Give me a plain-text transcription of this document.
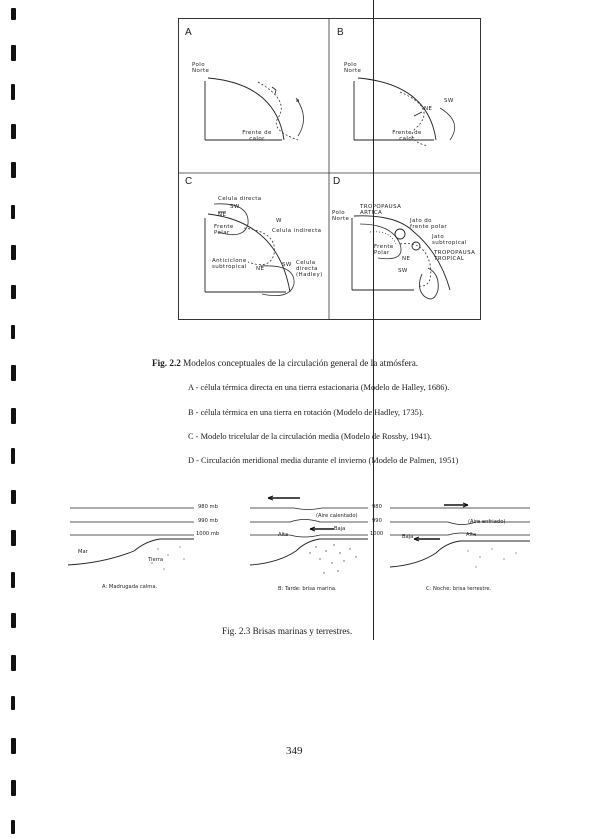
A	B
C	D
Polo Norte
Frente de calor
a
Polo Norte
NE
SW
Frente de calor
Celula directa
SW
NE
Frente Polar
W
Celula indirecta
Anticiclone subtropical	NE
SW Celula directa (Hadley)
Polo Norte
TROPOPAUSA ARTICA
Jato do frente polar
Jato subtropical
Frente Polar	TROPOPAUSA TROPICAL
NE
SW
Fig. 2.2 Modelos conceptuales de la circulación general de la atmósfera.
A - célula térmica directa en una tierra estacionaria (Modelo de Halley, 1686).
B - célula térmica en una tierra en rotación (Modelo de Hadley, 1735).
C - Modelo tricelular de la circulación media (Modelo de Rossby, 1941).
D - Circulación meridional media durante el invierno (Modelo de Palmen, 1951)
980 mb
990 mb
1000 mb
980
990
1000
Mar
Tierra
(Aire calentado)
Alta
Baja
(Aire enfriado)
Baja	Alta
A: Madrugada calma.	B: Tarde: brisa marina.	C: Noche: brisa terrestre.
Fig. 2.3 Brisas marinas y terrestres.
349
